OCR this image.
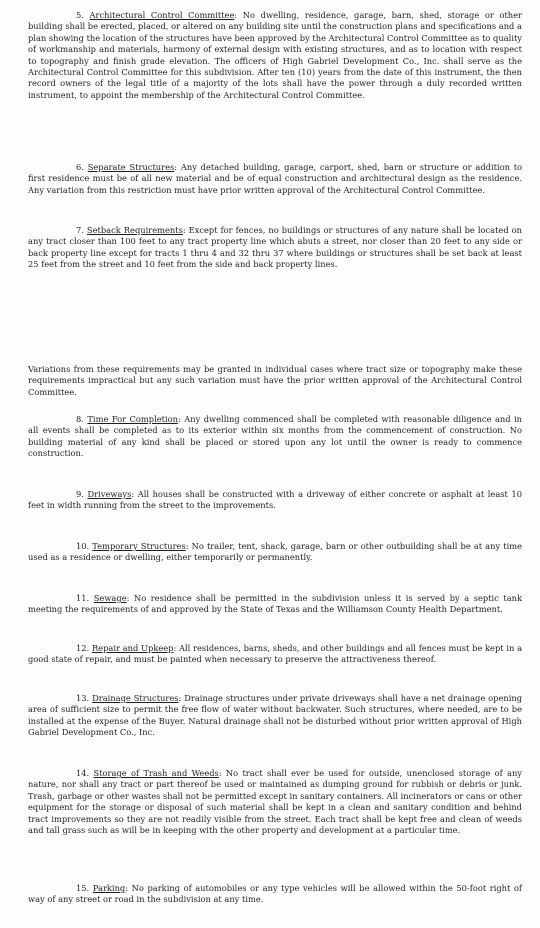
5. Architectural Control Committee: No dwelling, residence, garage, barn, shed, storage or other building shall be erected, placed, or altered on any building site until the construction plans and specifications and a plan showing the location of the structures have been approved by the Architectural Control Committee as to quality of workmanship and materials, harmony of external design with existing structures, and as to location with respect to topography and finish grade elevation. The officers of High Gabriel Development Co., Inc. shall serve as the Architectural Control Committee for this subdivision. After ten (10) years from the date of this instrument, the then record owners of the legal title of a majority of the lots shall have the power through a duly recorded written instrument, to appoint the membership of the Architectural Control Committee.

6. Separate Structures: Any detached building, garage, carport, shed, barn or structure or addition to first residence must be of all new material and be of equal construction and architectural design as the residence. Any variation from this restriction must have prior written approval of the Architectural Control Committee.

7. Setback Requirements: Except for fences, no buildings or structures of any nature shall be located on any tract closer than 100 feet to any tract property line which abuts a street, nor closer than 20 feet to any side or back property line except for tracts 1 thru 4 and 32 thru 37 where buildings or structures shall be set back at least 25 feet from the street and 10 feet from the side and back property lines.

Variations from these requirements may be granted in individual cases where tract size or topography make these requirements impractical but any such variation must have the prior written approval of the Architectural Control Committee.

8. Time For Completion: Any dwelling commenced shall be completed with reasonable diligence and in all events shall be completed as to its exterior within six months from the commencement of construction. No building material of any kind shall be placed or stored upon any lot until the owner is ready to commence construction.

9. Driveways: All houses shall be constructed with a driveway of either concrete or asphalt at least 10 feet in width running from the street to the improvements.

10. Temporary Structures: No trailer, tent, shack, garage, barn or other outbuilding shall be at any time used as a residence or dwelling, either temporarily or permanently.

11. Sewage: No residence shall be permitted in the subdivision unless it is served by a septic tank meeting the requirements of and approved by the State of Texas and the Williamson County Health Department.

12. Repair and Upkeep: All residences, barns, sheds, and other buildings and all fences must be kept in a good state of repair, and must be painted when necessary to preserve the attractiveness thereof.

13. Drainage Structures: Drainage structures under private driveways shall have a net drainage opening area of sufficient size to permit the free flow of water without backwater. Such structures, where needed, are to be installed at the expense of the Buyer. Natural drainage shall not be disturbed without prior written approval of High Gabriel Development Co., Inc.

14. Storage of Trash and Weeds: No tract shall ever be used for outside, unenclosed storage of any nature, nor shall any tract or part thereof be used or maintained as dumping ground for rubbish or debris or junk. Trash, garbage or other wastes shall not be permitted except in sanitary containers. All incinerators or cans or other equipment for the storage or disposal of such material shall be kept in a clean and sanitary condition and behind tract improvements so they are not readily visible from the street. Each tract shall be kept free and clean of weeds and tall grass such as will be in keeping with the other property and development at a particular time.

15. Parking: No parking of automobiles or any type vehicles will be allowed within the 50-foot right of way of any street or road in the subdivision at any time.
